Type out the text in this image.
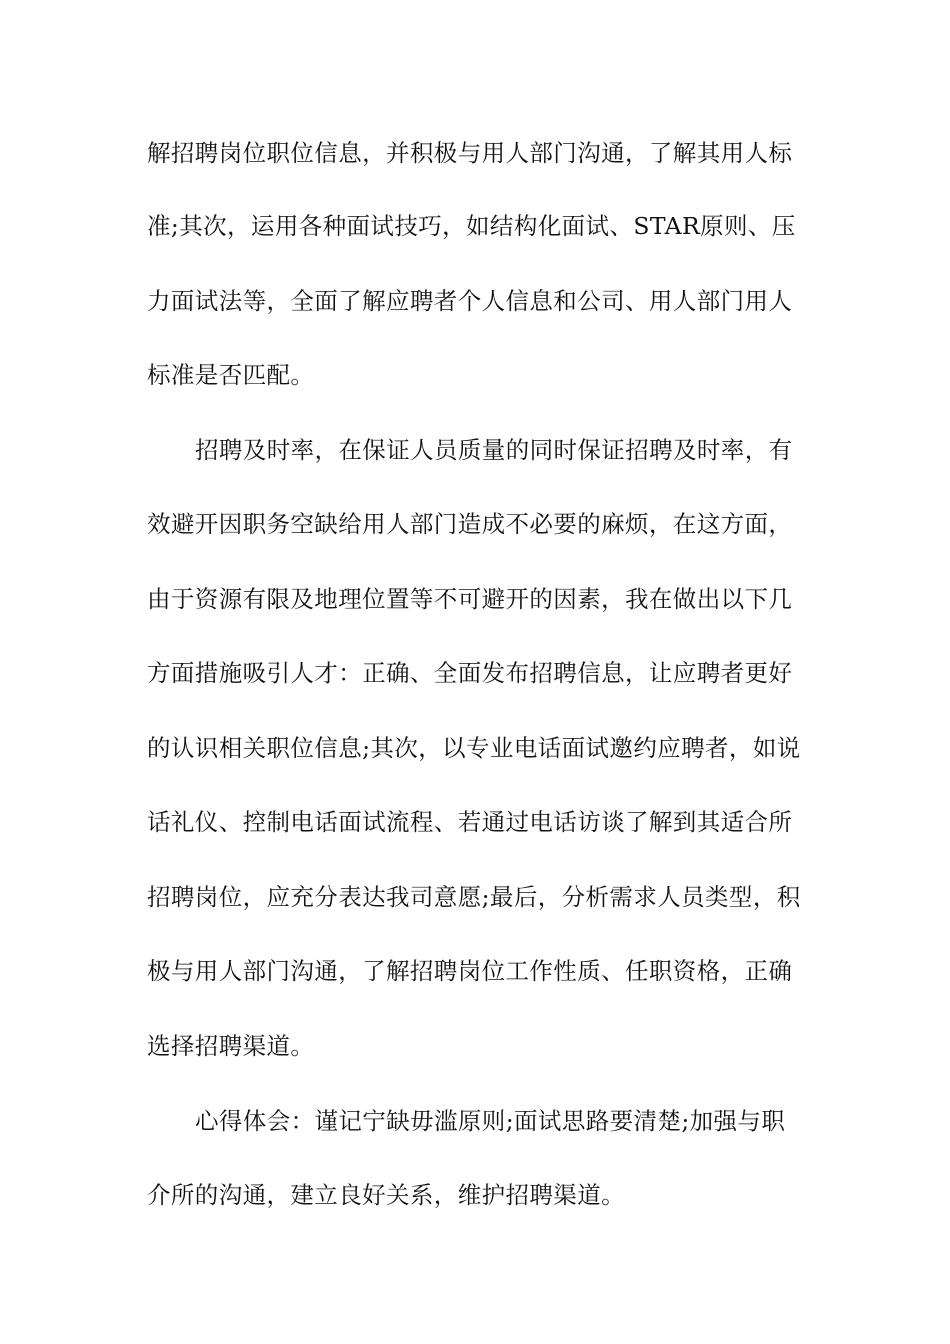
解招聘岗位职位信息，并积极与用人部门沟通，了解其用人标
准;其次，运用各种面试技巧，如结构化面试、STAR原则、压
力面试法等，全面了解应聘者个人信息和公司、用人部门用人
标准是否匹配。
招聘及时率，在保证人员质量的同时保证招聘及时率，有
效避开因职务空缺给用人部门造成不必要的麻烦，在这方面，
由于资源有限及地理位置等不可避开的因素，我在做出以下几
方面措施吸引人才：正确、全面发布招聘信息，让应聘者更好
的认识相关职位信息;其次，以专业电话面试邀约应聘者，如说
话礼仪、控制电话面试流程、若通过电话访谈了解到其适合所
招聘岗位，应充分表达我司意愿;最后，分析需求人员类型，积
极与用人部门沟通，了解招聘岗位工作性质、任职资格，正确
选择招聘渠道。
心得体会：谨记宁缺毋滥原则;面试思路要清楚;加强与职
介所的沟通，建立良好关系，维护招聘渠道。
